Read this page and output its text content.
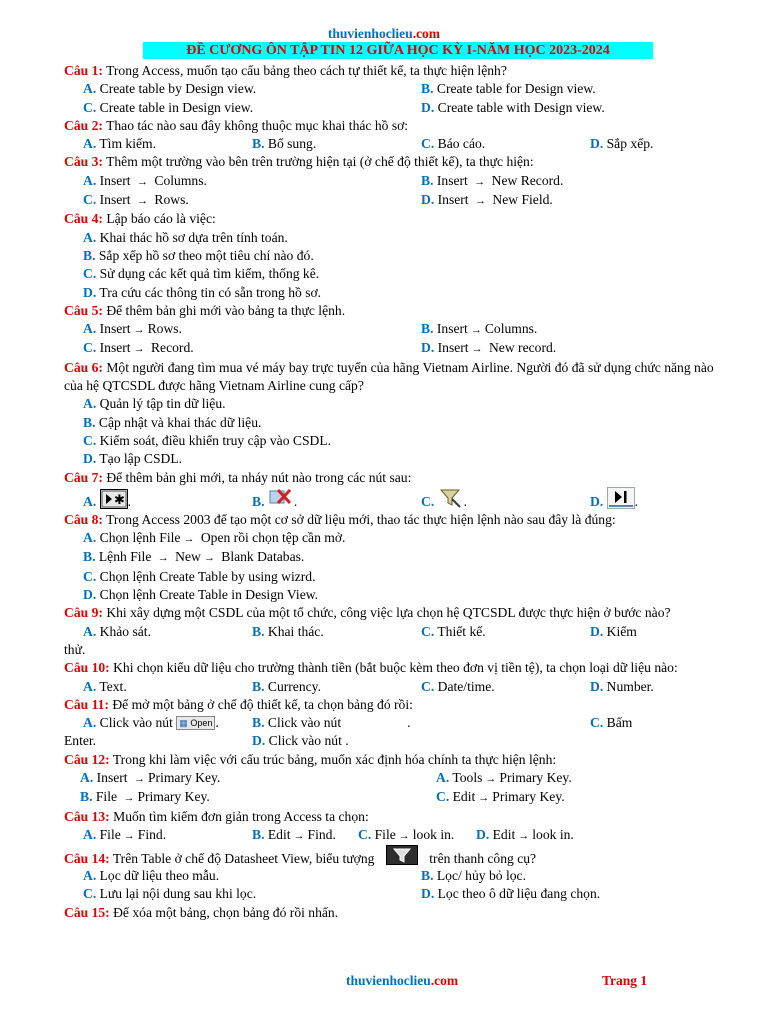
thuvienhoclieu.com
ĐỀ CƯƠNG ÔN TẬP TIN 12 GIỮA HỌC KỲ I-NĂM HỌC 2023-2024
Câu 1: Trong Access, muốn tạo cấu bảng theo cách tự thiết kế, ta thực hiện lệnh?
A. Create table by Design view.	B. Create table for Design view.
C. Create table in Design view.	D. Create table with Design view.
Câu 2: Thao tác nào sau đây không thuộc mục khai thác hồ sơ:
A. Tìm kiếm.	B. Bổ sung.	C. Báo cáo.	D. Sắp xếp.
Câu 3: Thêm một trường vào bên trên trường hiện tại (ở chế độ thiết kế), ta thực hiện:
A. Insert → Columns.	B. Insert → New Record.
C. Insert → Rows.	D. Insert → New Field.
Câu 4: Lập báo cáo là việc:
A. Khai thác hồ sơ dựa trên tính toán.
B. Sắp xếp hồ sơ theo một tiêu chí nào đó.
C. Sử dụng các kết quả tìm kiếm, thống kê.
D. Tra cứu các thông tin có sẵn trong hồ sơ.
Câu 5: Để thêm bản ghi mới vào bảng ta thực lệnh.
A. Insert → Rows.	B. Insert → Columns.
C. Insert → Record.	D. Insert → New record.
Câu 6: Một người đang tìm mua vé máy bay trực tuyến của hãng Vietnam Airline. Người đó đã sử dụng chức năng nào của hệ QTCSDL được hãng Vietnam Airline cung cấp?
A. Quản lý tập tin dữ liệu.
B. Cập nhật và khai thác dữ liệu.
C. Kiểm soát, điều khiển truy cập vào CSDL.
D. Tạo lập CSDL.
Câu 7: Để thêm bản ghi mới, ta nháy nút nào trong các nút sau:
A. ✱ .	B. .	C. .	D. .
Câu 8: Trong Access 2003 để tạo một cơ sở dữ liệu mới, thao tác thực hiện lệnh nào sau đây là đúng:
A. Chọn lệnh File → Open rồi chọn tệp cần mở.
B. Lệnh File → New → Blank Databas.
C. Chọn lệnh Create Table by using wizrd.
D. Chọn lệnh Create Table in Design View.
Câu 9: Khi xây dựng một CSDL của một tổ chức, công việc lựa chọn hệ QTCSDL được thực hiện ở bước nào?
A. Khảo sát.	B. Khai thác.	C. Thiết kế.	D. Kiểm
thử.
Câu 10: Khi chọn kiểu dữ liệu cho trường thành tiền (bắt buộc kèm theo đơn vị tiền tệ), ta chọn loại dữ liệu nào:
A. Text.	B. Currency.	C. Date/time.	D. Number.
Câu 11: Để mở một bảng ở chế độ thiết kế, ta chọn bảng đó rồi:
A. Click vào nút ▦ Open .	B. Click vào nút	.	C. Bấm
Enter.	D. Click vào nút .
Câu 12: Trong khi làm việc với cấu trúc bảng, muốn xác định hóa chính ta thực hiện lệnh:
A. Insert → Primary Key.	A. Tools → Primary Key.
B. File → Primary Key.	C. Edit → Primary Key.
Câu 13: Muốn tìm kiếm đơn giản trong Access ta chọn:
A. File → Find.	B. Edit → Find.	C. File → look in.	D. Edit → look in.
Câu 14: Trên Table ở chế độ Datasheet View, biểu tượng	trên thanh công cụ?
A. Lọc dữ liệu theo mẫu.	B. Lọc/ hủy bỏ lọc.
C. Lưu lại nội dung sau khi lọc.	D. Lọc theo ô dữ liệu đang chọn.
Câu 15: Để xóa một bảng, chọn bảng đó rồi nhấn.
thuvienhoclieu.com	Trang 1
